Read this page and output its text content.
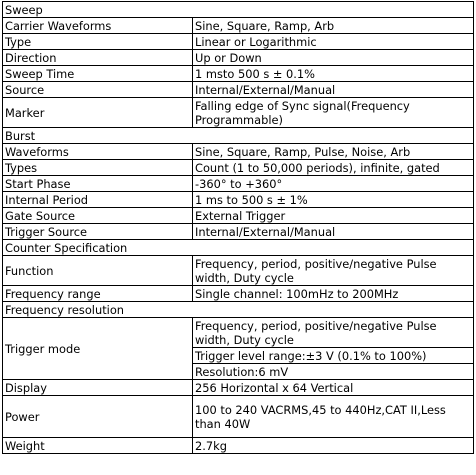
Sweep	
Carrier Waveforms	Sine, Square, Ramp, Arb
Type	Linear or Logarithmic
Direction	Up or Down
Sweep Time	1 msto 500 s ± 0.1%
Source	Internal/External/Manual
Marker	Falling edge of Sync signal(Frequency Programmable)
Burst	
Waveforms	Sine, Square, Ramp, Pulse, Noise, Arb
Types	Count (1 to 50,000 periods), infinite, gated
Start Phase	-360° to +360°
Internal Period	1 ms to 500 s ± 1%
Gate Source	External Trigger
Trigger Source	Internal/External/Manual
Counter Specification	
Function	Frequency, period, positive/negative Pulse width, Duty cycle
Frequency range	Single channel: 100mHz to 200MHz
Frequency resolution	
Trigger mode	Frequency, period, positive/negative Pulse width, Duty cycle
	Trigger level range:±3 V (0.1% to 100%)
	Resolution:6 mV
Display	256 Horizontal x 64 Vertical
Power	100 to 240 VACRMS,45 to 440Hz,CAT II,Less than 40W
Weight	2.7kg
